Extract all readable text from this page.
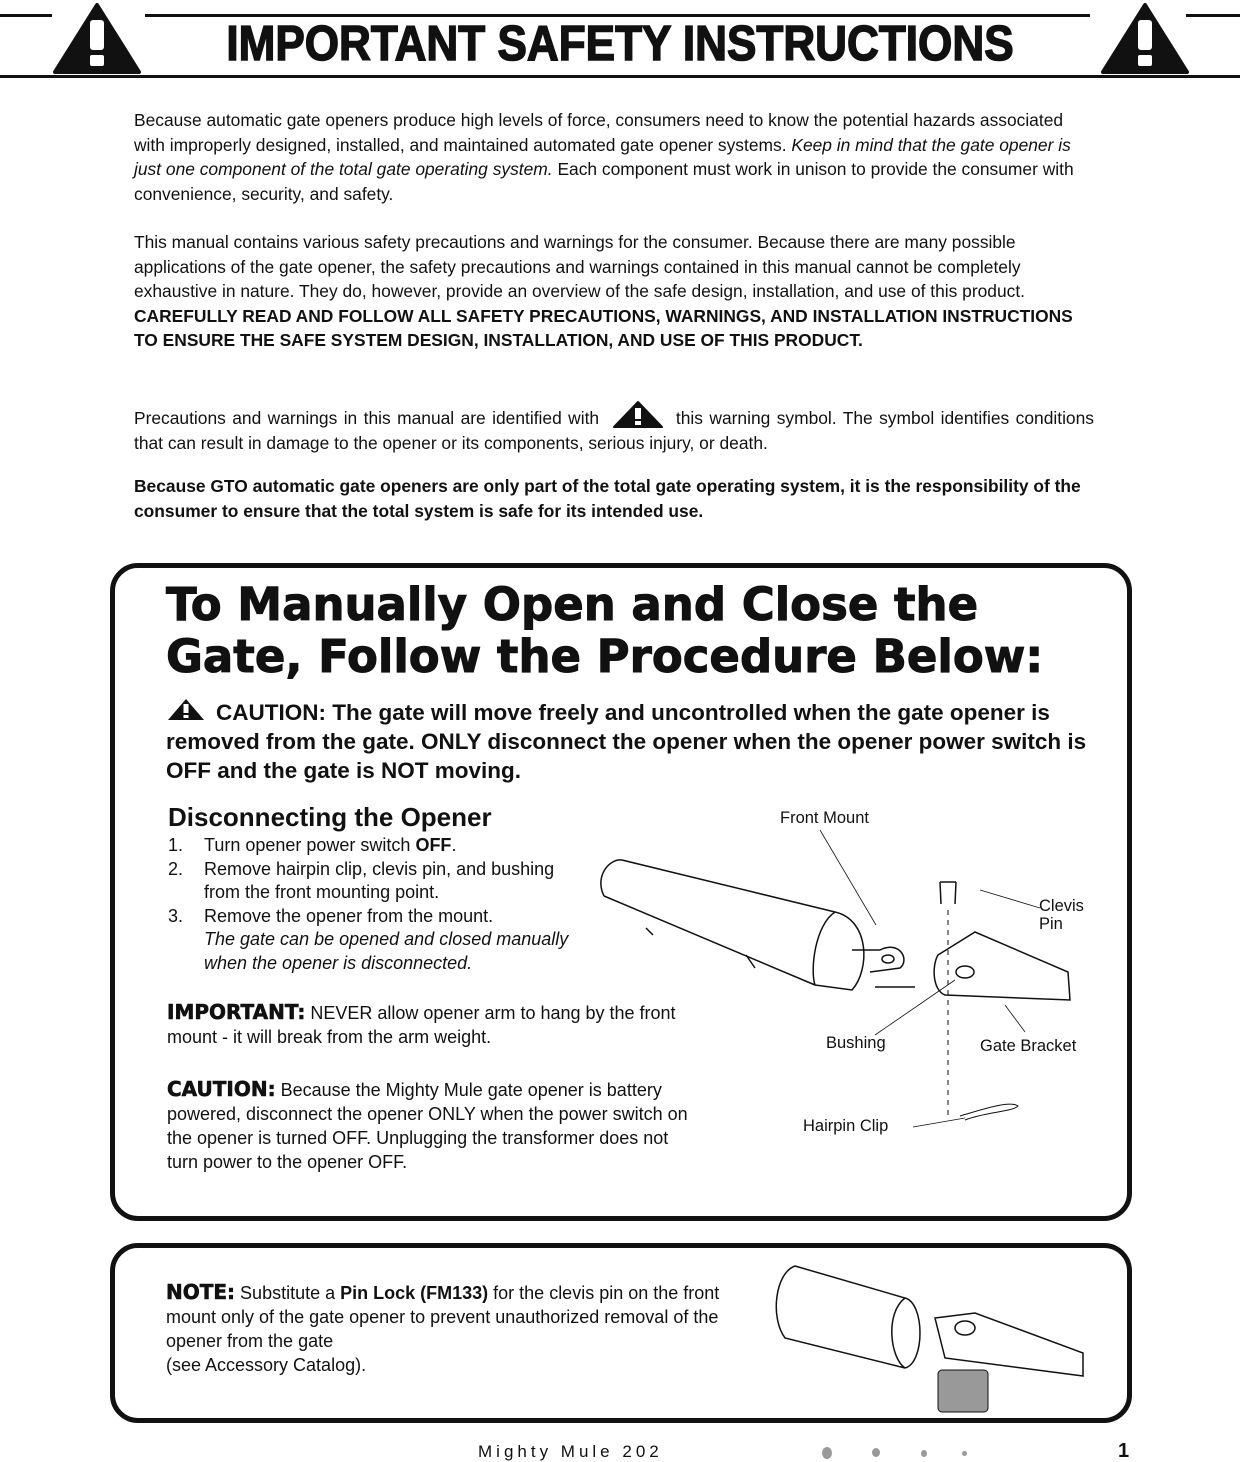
IMPORTANT SAFETY INSTRUCTIONS
Because automatic gate openers produce high levels of force, consumers need to know the potential hazards associated with improperly designed, installed, and maintained automated gate opener systems. Keep in mind that the gate opener is just one component of the total gate operating system. Each component must work in unison to provide the consumer with convenience, security, and safety.
This manual contains various safety precautions and warnings for the consumer. Because there are many possible applications of the gate opener, the safety precautions and warnings contained in this manual cannot be completely exhaustive in nature. They do, however, provide an overview of the safe design, installation, and use of this product. CAREFULLY READ AND FOLLOW ALL SAFETY PRECAUTIONS, WARNINGS, AND INSTALLATION INSTRUCTIONS TO ENSURE THE SAFE SYSTEM DESIGN, INSTALLATION, AND USE OF THIS PRODUCT.
Precautions and warnings in this manual are identified with	this warning symbol. The symbol identifies conditions that can result in damage to the opener or its components, serious injury, or death.
Because GTO automatic gate openers are only part of the total gate operating system, it is the responsibility of the consumer to ensure that the total system is safe for its intended use.
To Manually Open and Close the
Gate, Follow the Procedure Below:
CAUTION: The gate will move freely and uncontrolled when the gate opener is removed from the gate. ONLY disconnect the opener when the opener power switch is OFF and the gate is NOT moving.
Disconnecting the Opener
1.	Turn opener power switch OFF.
2.	Remove hairpin clip, clevis pin, and bushing from the front mounting point.
3.	Remove the opener from the mount.
The gate can be opened and closed manually when the opener is disconnected.
IMPORTANT: NEVER allow opener arm to hang by the front mount - it will break from the arm weight.
CAUTION: Because the Mighty Mule gate opener is battery powered, disconnect the opener ONLY when the power switch on the opener is turned OFF. Unplugging the transformer does not turn power to the opener OFF.
Front Mount
Clevis
Pin
Bushing	Gate Bracket
Hairpin Clip
NOTE: Substitute a Pin Lock (FM133) for the clevis pin on the front mount only of the gate opener to prevent unauthorized removal of the opener from the gate
(see Accessory Catalog).
Mighty Mule 202	1
